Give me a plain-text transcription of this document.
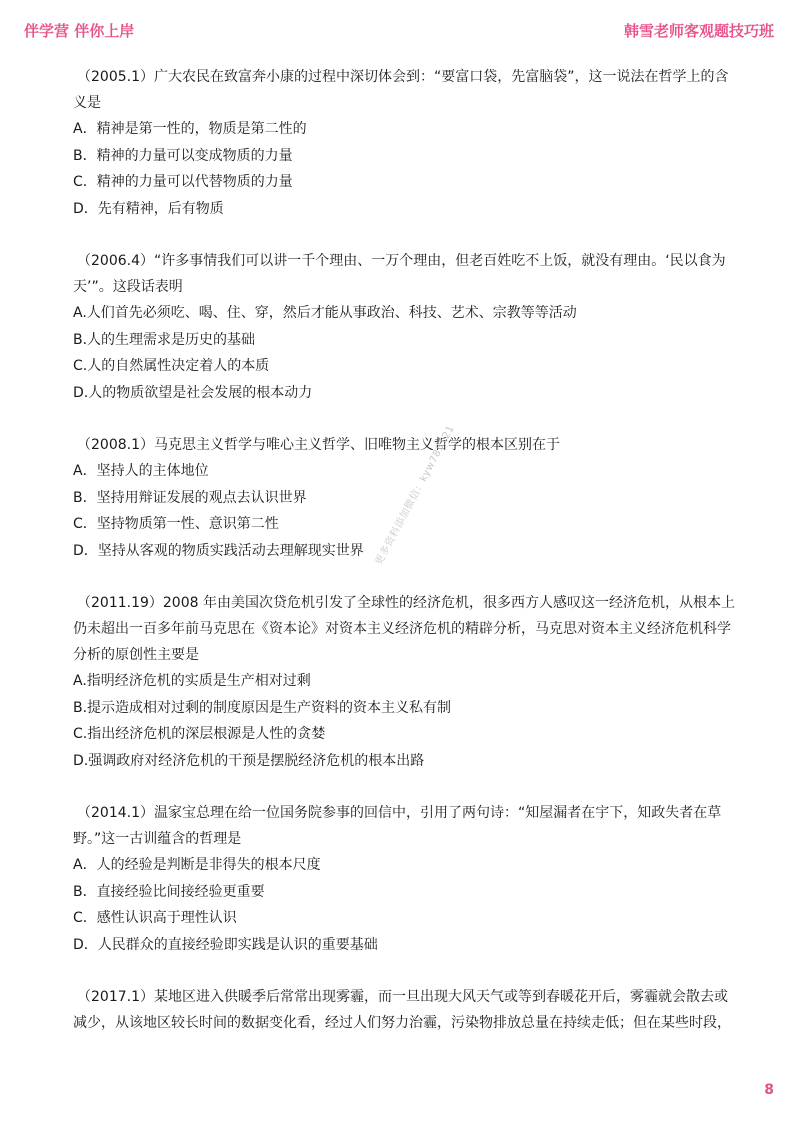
伴学营 伴你上岸	韩雪老师客观题技巧班

（2005.1）广大农民在致富奔小康的过程中深切体会到：“要富口袋，先富脑袋”，这一说法在哲学上的含义是

A．精神是第一性的，物质是第二性的

B．精神的力量可以变成物质的力量

C．精神的力量可以代替物质的力量

D．先有精神，后有物质

（2006.4）“许多事情我们可以讲一千个理由、一万个理由，但老百姓吃不上饭，就没有理由。‘民以食为天’”。这段话表明

A.人们首先必须吃、喝、住、穿，然后才能从事政治、科技、艺术、宗教等等活动

B.人的生理需求是历史的基础

C.人的自然属性决定着人的本质

D.人的物质欲望是社会发展的根本动力

（2008.1）马克思主义哲学与唯心主义哲学、旧唯物主义哲学的根本区别在于

A．坚持人的主体地位

B．坚持用辩证发展的观点去认识世界

C．坚持物质第一性、意识第二性

D．坚持从客观的物质实践活动去理解现实世界

（2011.19）2008 年由美国次贷危机引发了全球性的经济危机，很多西方人感叹这一经济危机，从根本上仍未超出一百多年前马克思在《资本论》对资本主义经济危机的精辟分析，马克思对资本主义经济危机科学分析的原创性主要是

A.指明经济危机的实质是生产相对过剩

B.提示造成相对过剩的制度原因是生产资料的资本主义私有制

C.指出经济危机的深层根源是人性的贪婪

D.强调政府对经济危机的干预是摆脱经济危机的根本出路

（2014.1）温家宝总理在给一位国务院参事的回信中，引用了两句诗：“知屋漏者在宇下，知政失者在草野。”这一古训蕴含的哲理是

A．人的经验是判断是非得失的根本尺度

B．直接经验比间接经验更重要

C．感性认识高于理性认识

D．人民群众的直接经验即实践是认识的重要基础

（2017.1）某地区进入供暖季后常常出现雾霾，而一旦出现大风天气或等到春暖花开后，雾霾就会散去或减少，从该地区较长时间的数据变化看，经过人们努力治霾，污染物排放总量在持续走低；但在某些时段，

更多资料添加微信：kyw785121
8
